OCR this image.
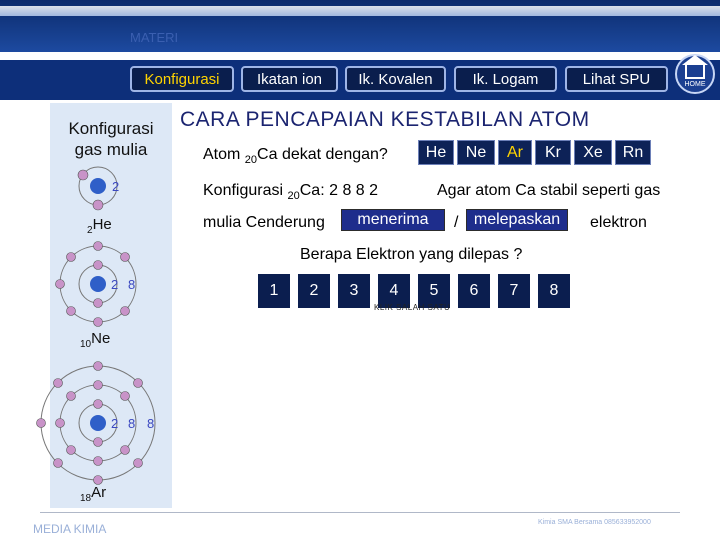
MATERI
Konfigurasi	Ikatan ion	Ik. Kovalen	Ik. Logam	Lihat SPU	HOME
Konfigurasi
gas mulia
2
2 8
2 8 8
$_2$He
$_{10}$Ne
$_{18}$Ar
CARA PENCAPAIAN KESTABILAN ATOM
Atom $_{20}$Ca dekat dengan?	He	Ne	Ar	Kr	Xe	Rn
Konfigurasi $_{20}$Ca: 2 8 8 2	Agar atom Ca stabil seperti gas
mulia Cenderung	menerima	/ melepaskan	elektron
Berapa Elektron yang dilepas ?
1	2	3	4	5	6	7	8
KLIK SALAH SATU
MEDIA KIMIA	Kimia SMA Bersama 085633952000
